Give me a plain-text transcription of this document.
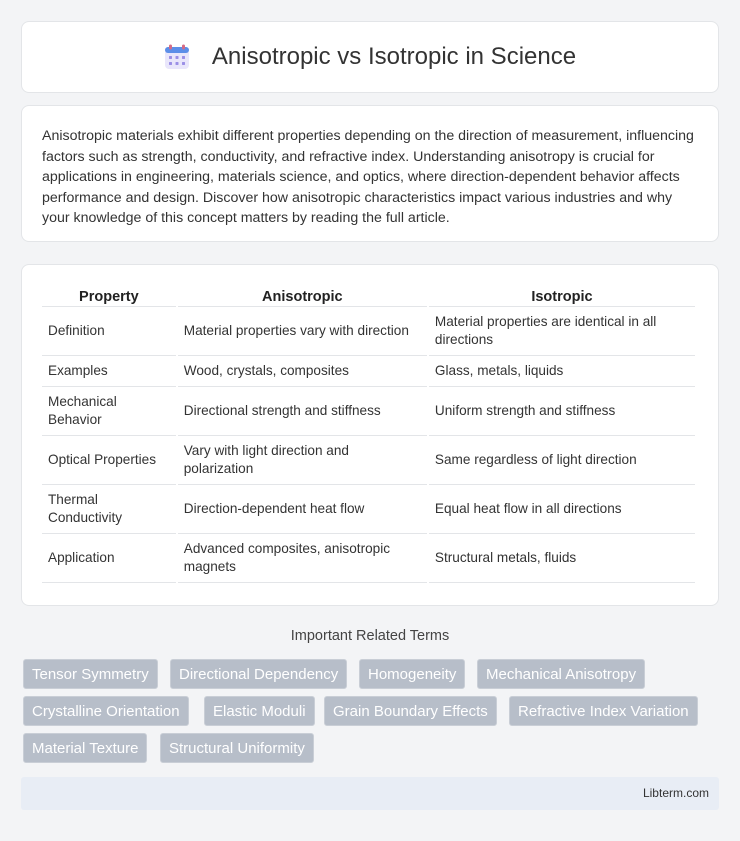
Anisotropic vs Isotropic in Science

Anisotropic materials exhibit different properties depending on the direction of measurement, influencing factors such as strength, conductivity, and refractive index. Understanding anisotropy is crucial for applications in engineering, materials science, and optics, where direction-dependent behavior affects performance and design. Discover how anisotropic characteristics impact various industries and why your knowledge of this concept matters by reading the full article.

Property	Anisotropic	Isotropic
Definition	Material properties vary with direction	Material properties are identical in all directions
Examples	Wood, crystals, composites	Glass, metals, liquids
Mechanical Behavior	Directional strength and stiffness	Uniform strength and stiffness
Optical Properties	Vary with light direction and polarization	Same regardless of light direction
Thermal Conductivity	Direction-dependent heat flow	Equal heat flow in all directions
Application	Advanced composites, anisotropic magnets	Structural metals, fluids
Important Related Terms
Tensor Symmetry	Directional Dependency	Homogeneity	Mechanical Anisotropy
Crystalline Orientation	Elastic Moduli	Grain Boundary Effects	Refractive Index Variation
Material Texture	Structural Uniformity
Libterm.com
